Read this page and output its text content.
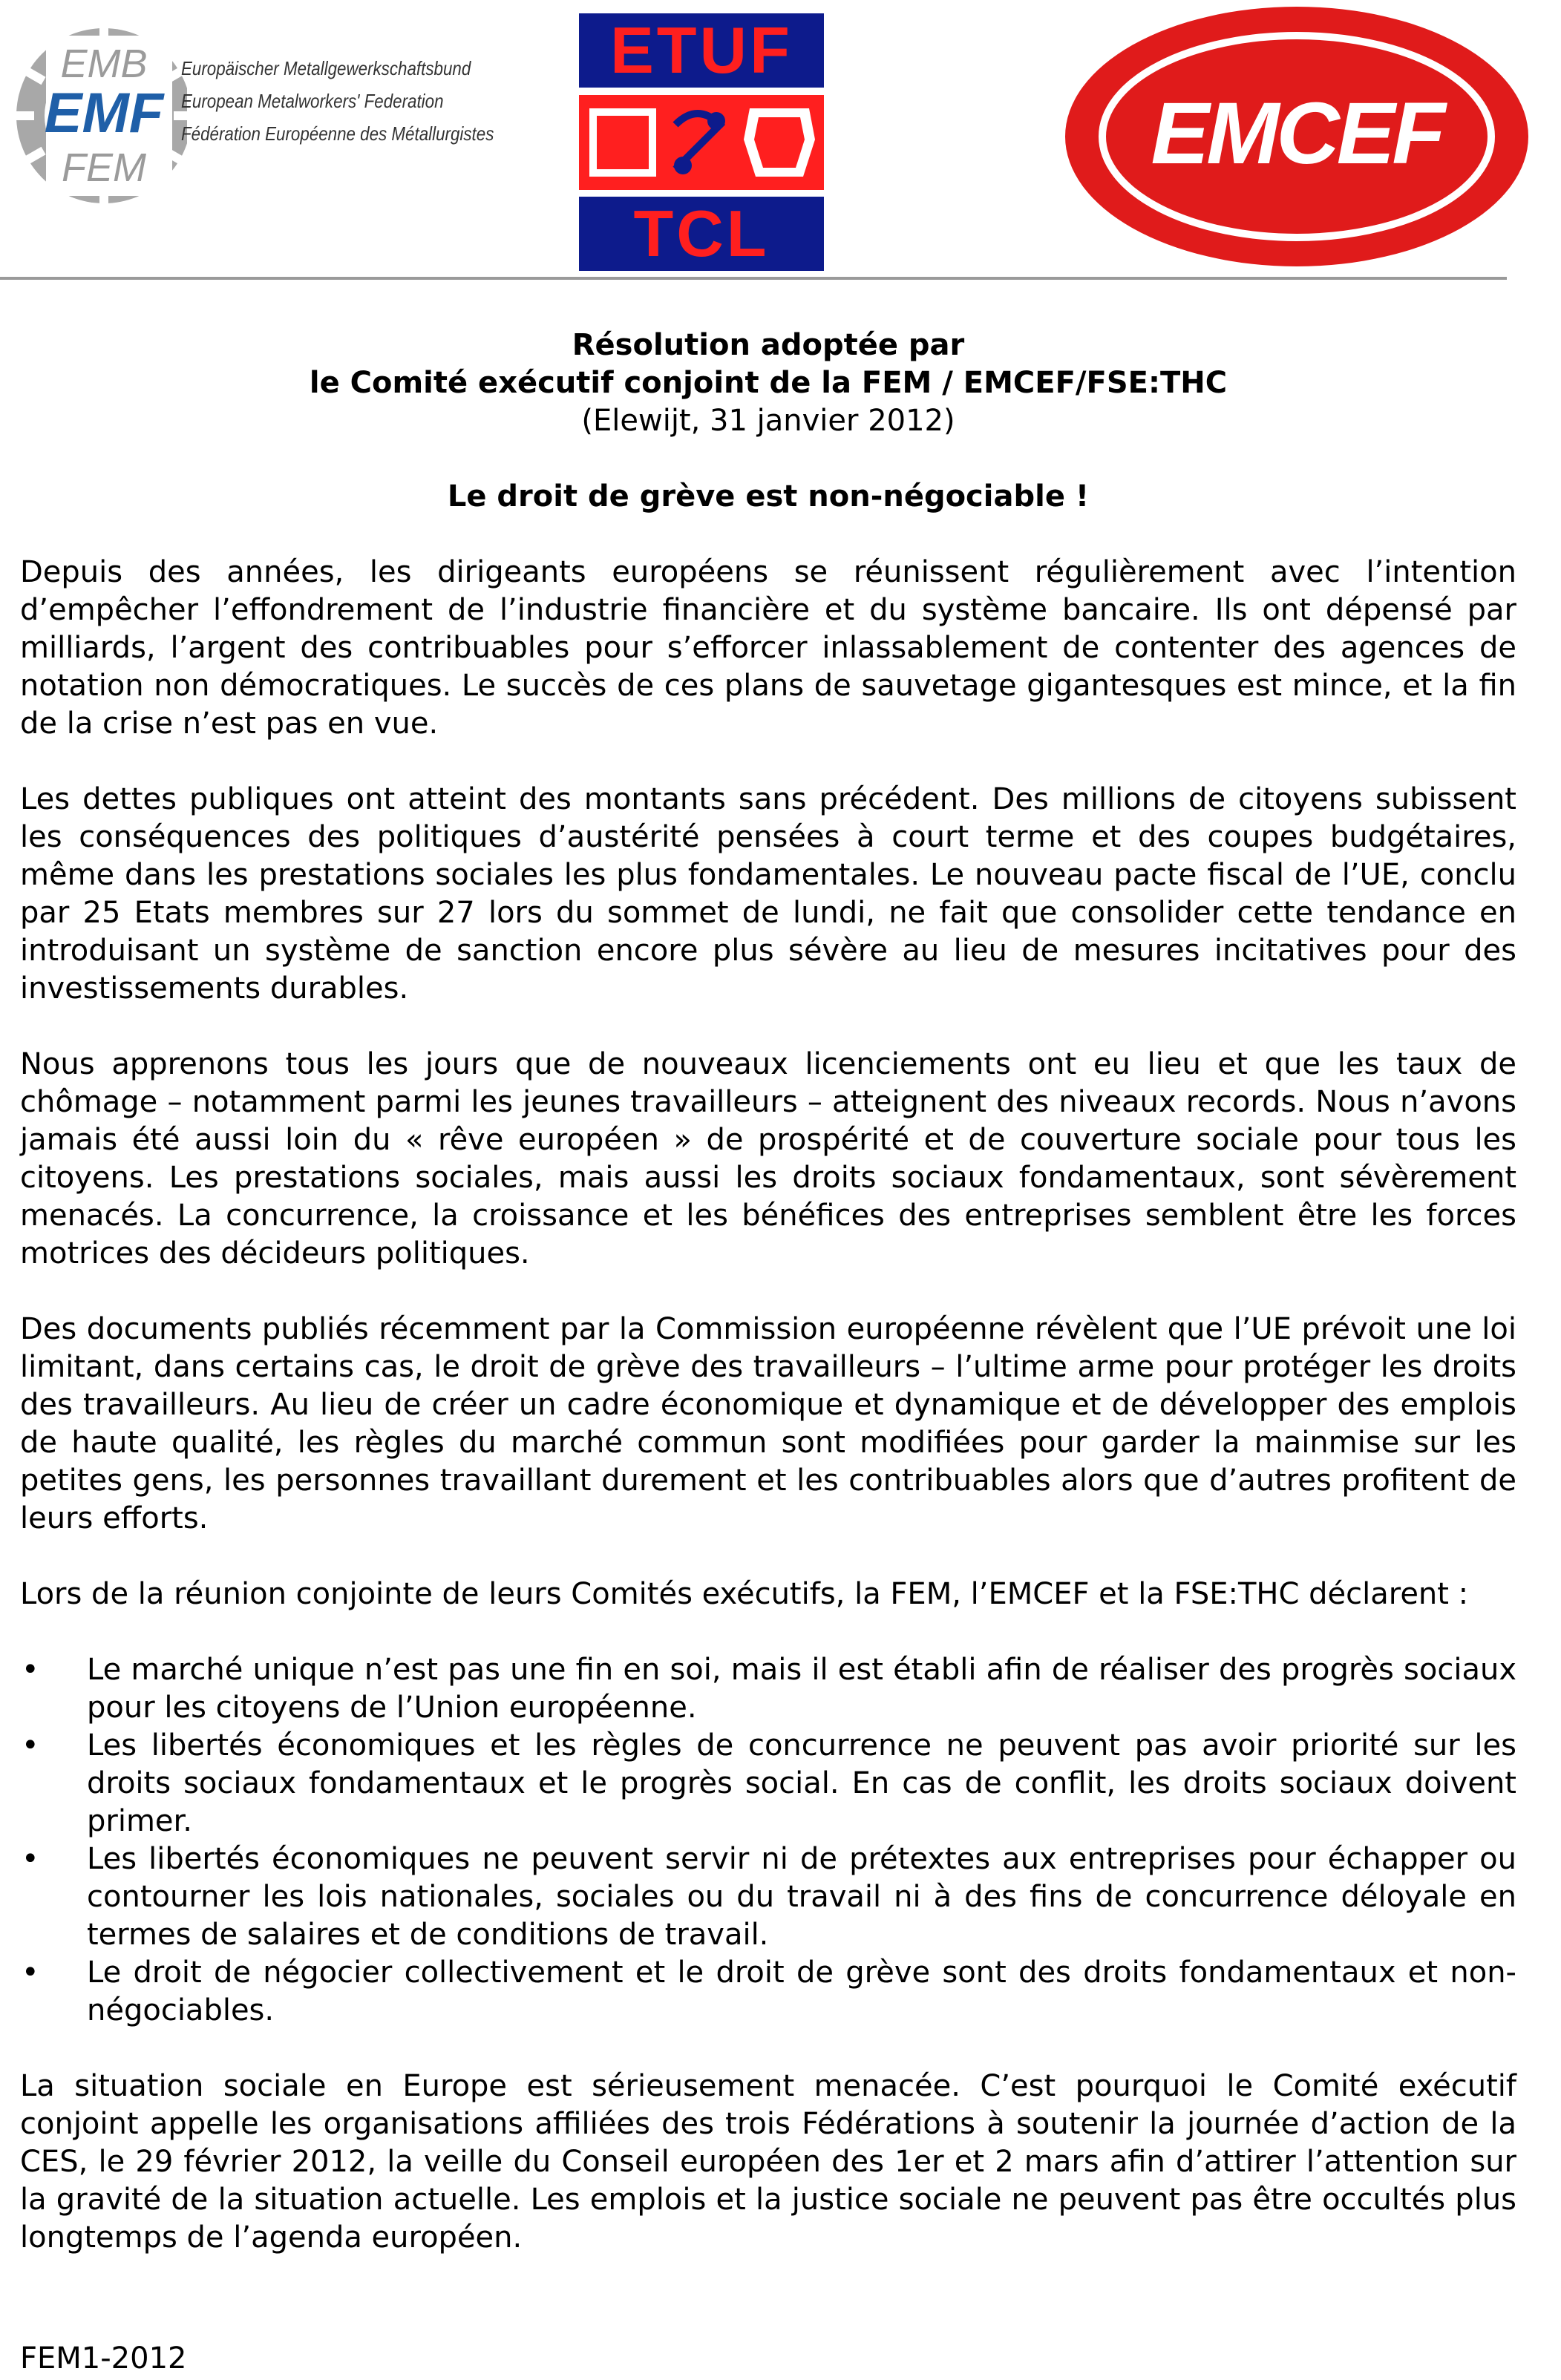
EMB
EMF
FEM
Europäischer Metallgewerkschaftsbund
European Metalworkers' Federation
Fédération Européenne des Métallurgistes
ETUF
TCL
EMCEF
Résolution adoptée par
le Comité exécutif conjoint de la FEM / EMCEF/FSE:THC
(Elewijt, 31 janvier 2012)
Le droit de grève est non-négociable !

Depuis des années, les dirigeants européens se réunissent régulièrement avec l’intention d’empêcher l’effondrement de l’industrie financière et du système bancaire. Ils ont dépensé par milliards, l’argent des contribuables pour s’efforcer inlassablement de contenter des agences de notation non démocratiques. Le succès de ces plans de sauvetage gigantesques est mince, et la fin de la crise n’est pas en vue.

Les dettes publiques ont atteint des montants sans précédent. Des millions de citoyens subissent les conséquences des politiques d’austérité pensées à court terme et des coupes budgétaires, même dans les prestations sociales les plus fondamentales. Le nouveau pacte fiscal de l’UE, conclu par 25 Etats membres sur 27 lors du sommet de lundi, ne fait que consolider cette tendance en introduisant un système de sanction encore plus sévère au lieu de mesures incitatives pour des investissements durables.

Nous apprenons tous les jours que de nouveaux licenciements ont eu lieu et que les taux de chômage – notamment parmi les jeunes travailleurs – atteignent des niveaux records. Nous n’avons jamais été aussi loin du « rêve européen » de prospérité et de couverture sociale pour tous les citoyens. Les prestations sociales, mais aussi les droits sociaux fondamentaux, sont sévèrement menacés. La concurrence, la croissance et les bénéfices des entreprises semblent être les forces motrices des décideurs politiques.

Des documents publiés récemment par la Commission européenne révèlent que l’UE prévoit une loi limitant, dans certains cas, le droit de grève des travailleurs – l’ultime arme pour protéger les droits des travailleurs. Au lieu de créer un cadre économique et dynamique et de développer des emplois de haute qualité, les règles du marché commun sont modifiées pour garder la mainmise sur les petites gens, les personnes travaillant durement et les contribuables alors que d’autres profitent de leurs efforts.

Lors de la réunion conjointe de leurs Comités exécutifs, la FEM, l’EMCEF et la FSE:THC déclarent :

• Le marché unique n’est pas une fin en soi, mais il est établi afin de réaliser des progrès sociaux pour les citoyens de l’Union européenne.
• Les libertés économiques et les règles de concurrence ne peuvent pas avoir priorité sur les droits sociaux fondamentaux et le progrès social. En cas de conflit, les droits sociaux doivent primer.
• Les libertés économiques ne peuvent servir ni de prétextes aux entreprises pour échapper ou contourner les lois nationales, sociales ou du travail ni à des fins de concurrence déloyale en termes de salaires et de conditions de travail.
• Le droit de négocier collectivement et le droit de grève sont des droits fondamentaux et non-négociables.

La situation sociale en Europe est sérieusement menacée. C’est pourquoi le Comité exécutif conjoint appelle les organisations affiliées des trois Fédérations à soutenir la journée d’action de la CES, le 29 février 2012, la veille du Conseil européen des 1er et 2 mars afin d’attirer l’attention sur la gravité de la situation actuelle. Les emplois et la justice sociale ne peuvent pas être occultés plus longtemps de l’agenda européen.

FEM1-2012
